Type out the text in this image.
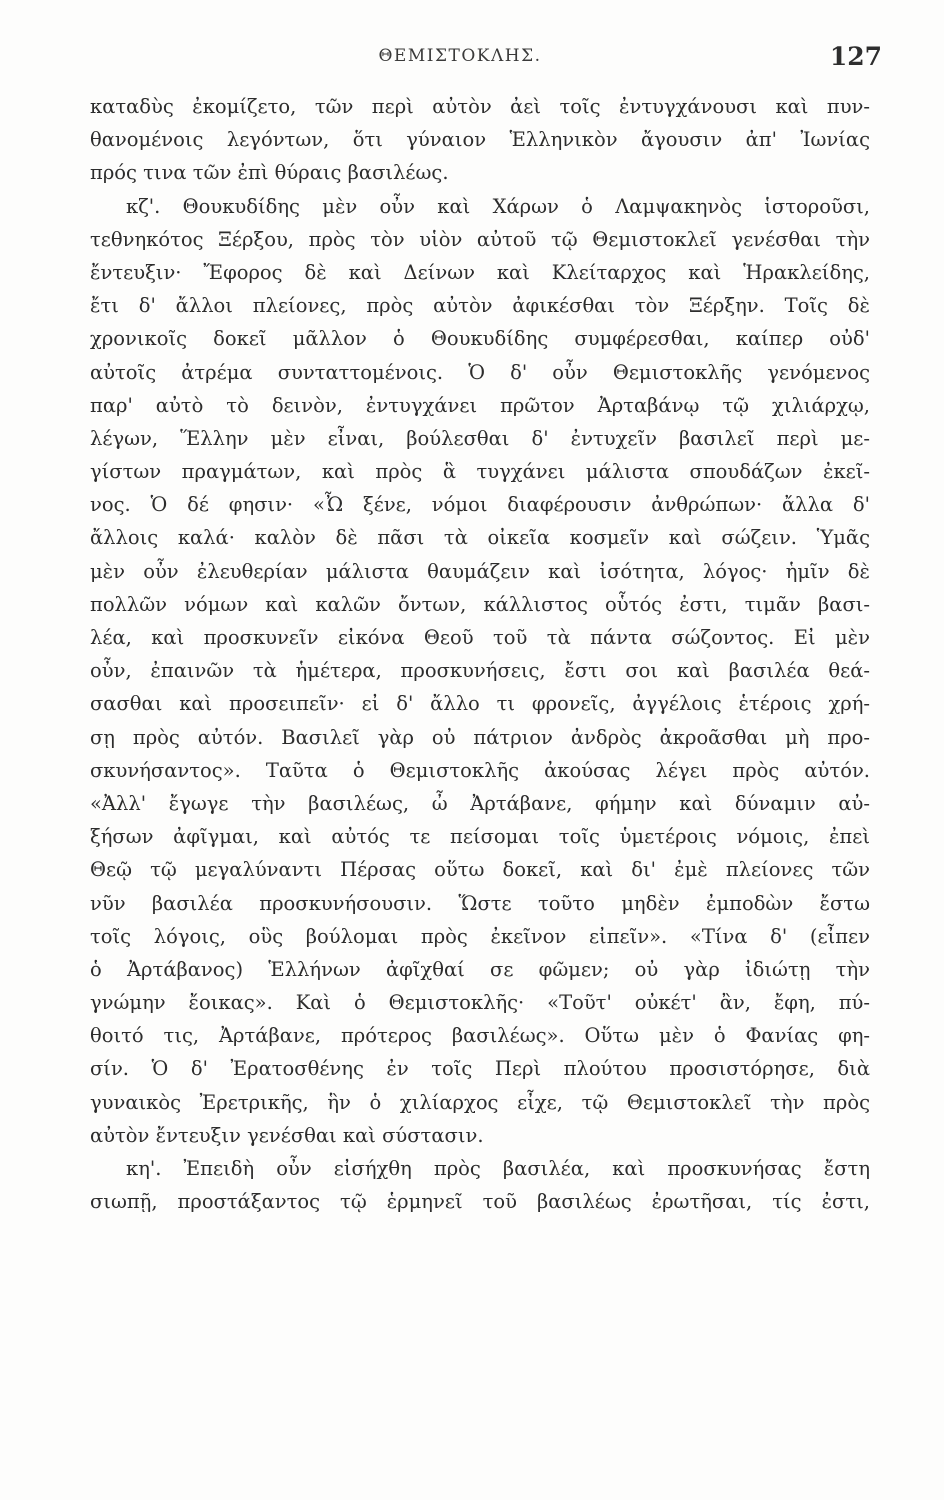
ΘΕΜΙΣΤΟΚΛΗΣ.	127
καταδὺς ἐκομίζετο, τῶν περὶ αὐτὸν ἀεὶ τοῖς ἐντυγχάνουσι καὶ πυν-
θανομένοις λεγόντων, ὅτι γύναιον Ἑλληνικὸν ἄγουσιν ἀπ' Ἰωνίας
πρός τινα τῶν ἐπὶ θύραις βασιλέως.
κζ'. Θουκυδίδης μὲν οὖν καὶ Χάρων ὁ Λαμψακηνὸς ἱστοροῦσι,
τεθνηκότος Ξέρξου, πρὸς τὸν υἱὸν αὐτοῦ τῷ Θεμιστοκλεῖ γενέσθαι τὴν
ἔντευξιν· Ἔφορος δὲ καὶ Δείνων καὶ Κλείταρχος καὶ Ἡρακλείδης,
ἔτι δ' ἄλλοι πλείονες, πρὸς αὐτὸν ἀφικέσθαι τὸν Ξέρξην. Τοῖς δὲ
χρονικοῖς δοκεῖ μᾶλλον ὁ Θουκυδίδης συμφέρεσθαι, καίπερ οὐδ'
αὐτοῖς ἀτρέμα συνταττομένοις. Ὁ δ' οὖν Θεμιστοκλῆς γενόμενος
παρ' αὐτὸ τὸ δεινὸν, ἐντυγχάνει πρῶτον Ἀρταβάνῳ τῷ χιλιάρχῳ,
λέγων, Ἕλλην μὲν εἶναι, βούλεσθαι δ' ἐντυχεῖν βασιλεῖ περὶ με-
γίστων πραγμάτων, καὶ πρὸς ἃ τυγχάνει μάλιστα σπουδάζων ἐκεῖ-
νος. Ὁ δέ φησιν· «Ὦ ξένε, νόμοι διαφέρουσιν ἀνθρώπων· ἄλλα δ'
ἄλλοις καλά· καλὸν δὲ πᾶσι τὰ οἰκεῖα κοσμεῖν καὶ σώζειν. Ὑμᾶς
μὲν οὖν ἐλευθερίαν μάλιστα θαυμάζειν καὶ ἰσότητα, λόγος· ἡμῖν δὲ
πολλῶν νόμων καὶ καλῶν ὄντων, κάλλιστος οὗτός ἐστι, τιμᾶν βασι-
λέα, καὶ προσκυνεῖν εἰκόνα Θεοῦ τοῦ τὰ πάντα σώζοντος. Εἰ μὲν
οὖν, ἐπαινῶν τὰ ἡμέτερα, προσκυνήσεις, ἔστι σοι καὶ βασιλέα θεά-
σασθαι καὶ προσειπεῖν· εἰ δ' ἄλλο τι φρονεῖς, ἀγγέλοις ἑτέροις χρή-
σῃ πρὸς αὐτόν. Βασιλεῖ γὰρ οὐ πάτριον ἀνδρὸς ἀκροᾶσθαι μὴ προ-
σκυνήσαντος». Ταῦτα ὁ Θεμιστοκλῆς ἀκούσας λέγει πρὸς αὐτόν.
«Ἀλλ' ἔγωγε τὴν βασιλέως, ὦ Ἀρτάβανε, φήμην καὶ δύναμιν αὐ-
ξήσων ἀφῖγμαι, καὶ αὐτός τε πείσομαι τοῖς ὑμετέροις νόμοις, ἐπεὶ
Θεῷ τῷ μεγαλύναντι Πέρσας οὕτω δοκεῖ, καὶ δι' ἐμὲ πλείονες τῶν
νῦν βασιλέα προσκυνήσουσιν. Ὥστε τοῦτο μηδὲν ἐμποδὼν ἔστω
τοῖς λόγοις, οὓς βούλομαι πρὸς ἐκεῖνον εἰπεῖν». «Τίνα δ' (εἶπεν
ὁ Ἀρτάβανος) Ἑλλήνων ἀφῖχθαί σε φῶμεν; οὐ γὰρ ἰδιώτῃ τὴν
γνώμην ἔοικας». Καὶ ὁ Θεμιστοκλῆς· «Τοῦτ' οὐκέτ' ἂν, ἔφη, πύ-
θοιτό τις, Ἀρτάβανε, πρότερος βασιλέως». Οὕτω μὲν ὁ Φανίας φη-
σίν. Ὁ δ' Ἐρατοσθένης ἐν τοῖς Περὶ πλούτου προσιστόρησε, διὰ
γυναικὸς Ἐρετρικῆς, ἣν ὁ χιλίαρχος εἶχε, τῷ Θεμιστοκλεῖ τὴν πρὸς
αὐτὸν ἔντευξιν γενέσθαι καὶ σύστασιν.
κη'. Ἐπειδὴ οὖν εἰσήχθη πρὸς βασιλέα, καὶ προσκυνήσας ἔστη
σιωπῇ, προστάξαντος τῷ ἑρμηνεῖ τοῦ βασιλέως ἐρωτῆσαι, τίς ἐστι,
